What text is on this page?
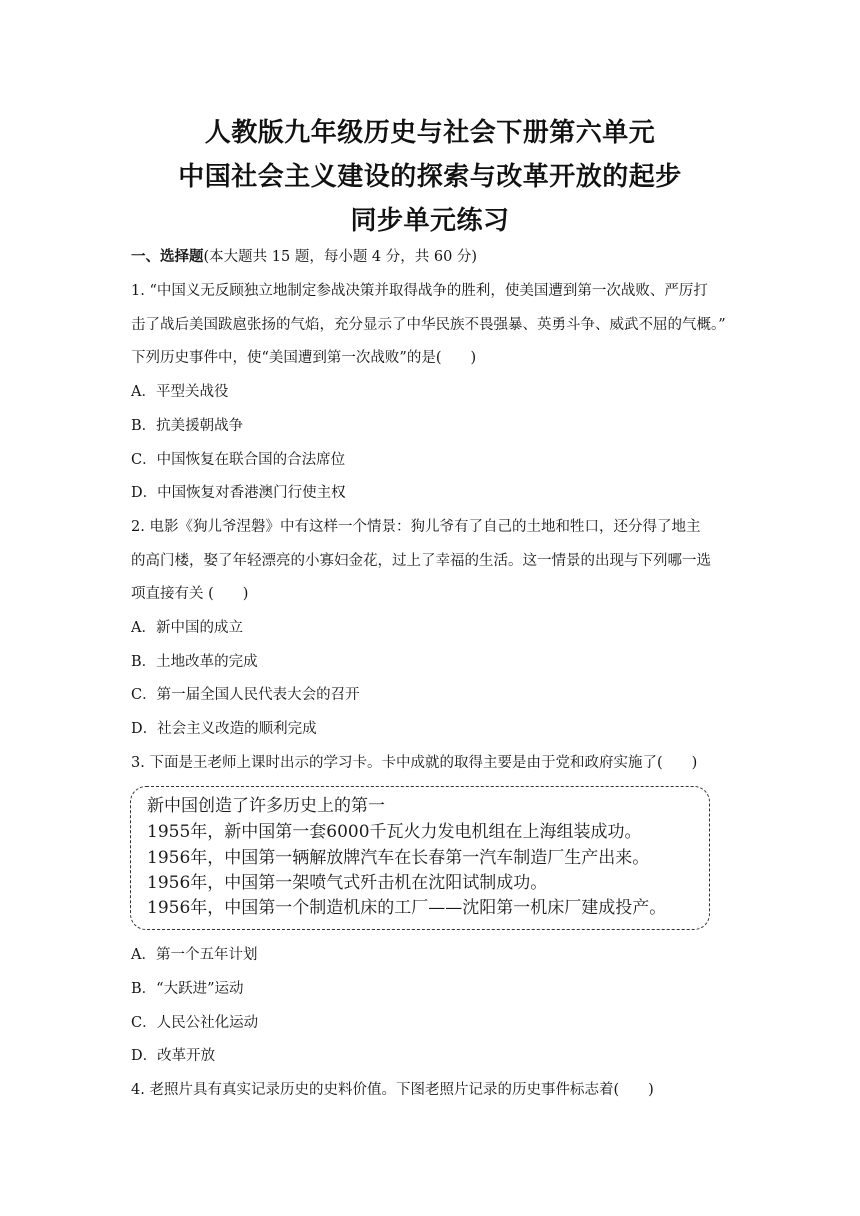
人教版九年级历史与社会下册第六单元
中国社会主义建设的探索与改革开放的起步
同步单元练习
一、选择题(本大题共 15 题，每小题 4 分，共 60 分)
1. “中国义无反顾独立地制定参战决策并取得战争的胜利，使美国遭到第一次战败、严厉打
击了战后美国跋扈张扬的气焰，充分显示了中华民族不畏强暴、英勇斗争、威武不屈的气概。”
下列历史事件中，使“美国遭到第一次战败”的是(　　)
A．平型关战役
B．抗美援朝战争
C．中国恢复在联合国的合法席位
D．中国恢复对香港澳门行使主权
2. 电影《狗儿爷涅磐》中有这样一个情景：狗儿爷有了自己的土地和牲口，还分得了地主
的高门楼，娶了年轻漂亮的小寡妇金花，过上了幸福的生活。这一情景的出现与下列哪一选
项直接有关 (　　)
A．新中国的成立
B．土地改革的完成
C．第一届全国人民代表大会的召开
D．社会主义改造的顺利完成
3. 下面是王老师上课时出示的学习卡。卡中成就的取得主要是由于党和政府实施了(　　)
新中国创造了许多历史上的第一
1955年，新中国第一套6000千瓦火力发电机组在上海组装成功。
1956年，中国第一辆解放牌汽车在长春第一汽车制造厂生产出来。
1956年，中国第一架喷气式歼击机在沈阳试制成功。
1956年，中国第一个制造机床的工厂——沈阳第一机床厂建成投产。
A．第一个五年计划
B．“大跃进”运动
C．人民公社化运动
D．改革开放
4. 老照片具有真实记录历史的史料价值。下图老照片记录的历史事件标志着(　　)
